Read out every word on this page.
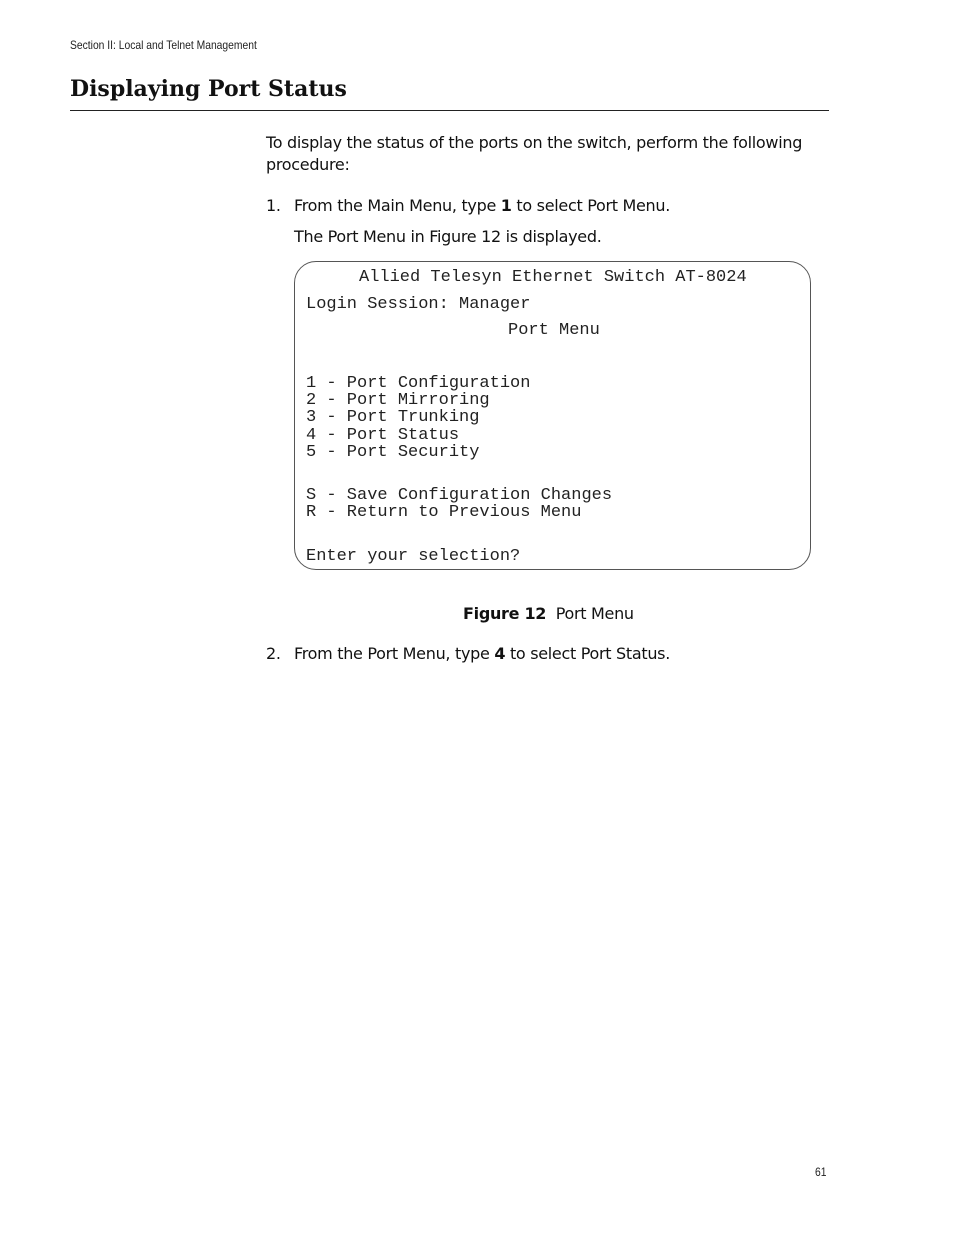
Section II: Local and Telnet Management
Displaying Port Status

To display the status of the ports on the switch, perform the following procedure:

1. From the Main Menu, type 1 to select Port Menu.
The Port Menu in Figure 12 is displayed.
Allied Telesyn Ethernet Switch AT-8024
Login Session: Manager
Port Menu
1 - Port Configuration
2 - Port Mirroring
3 - Port Trunking
4 - Port Status
5 - Port Security
S - Save Configuration Changes
R - Return to Previous Menu
Enter your selection?
Figure 12 Port Menu
2. From the Port Menu, type 4 to select Port Status.
61
